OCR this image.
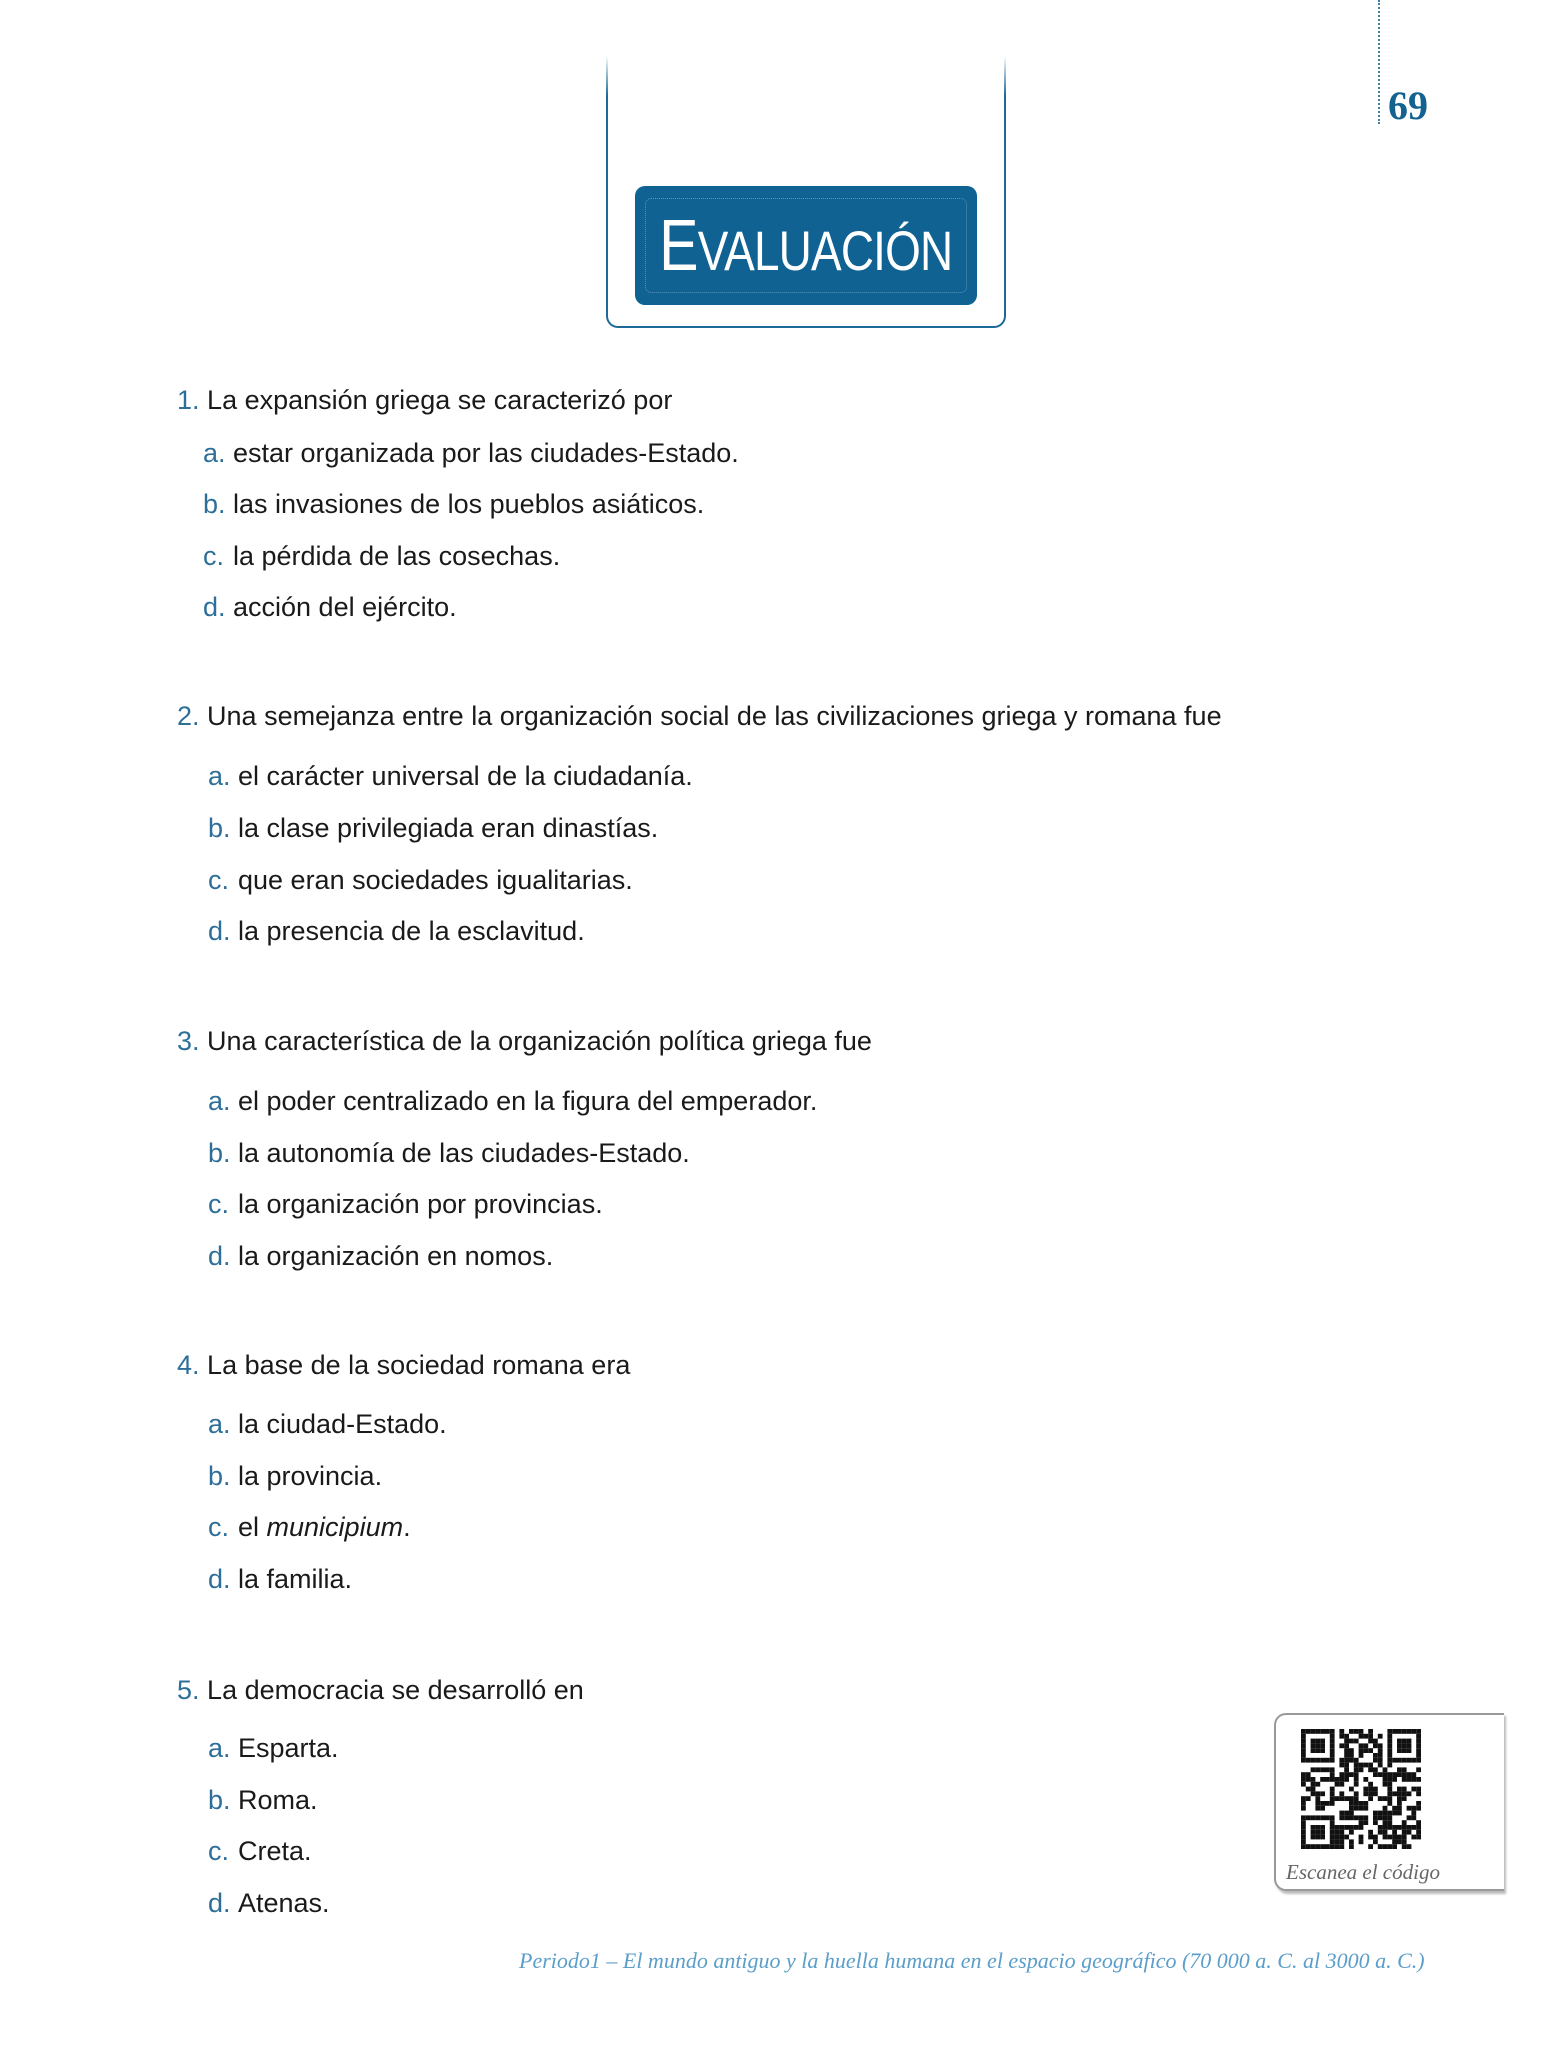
69
EVALUACIÓN
1. La expansión griega se caracterizó por
a. estar organizada por las ciudades-Estado.
b. las invasiones de los pueblos asiáticos.
c. la pérdida de las cosechas.
d. acción del ejército.
2. Una semejanza entre la organización social de las civilizaciones griega y romana fue
a. el carácter universal de la ciudadanía.
b. la clase privilegiada eran dinastías.
c. que eran sociedades igualitarias.
d. la presencia de la esclavitud.
3. Una característica de la organización política griega fue
a. el poder centralizado en la figura del emperador.
b. la autonomía de las ciudades-Estado.
c. la organización por provincias.
d. la organización en nomos.
4. La base de la sociedad romana era
a. la ciudad-Estado.
b. la provincia.
c. el municipium.
d. la familia.
5. La democracia se desarrolló en
a. Esparta.
b. Roma.
c. Creta.
d. Atenas.
Escanea el código
Periodo1 – El mundo antiguo y la huella humana en el espacio geográfico (70 000 a. C. al 3000 a. C.)
